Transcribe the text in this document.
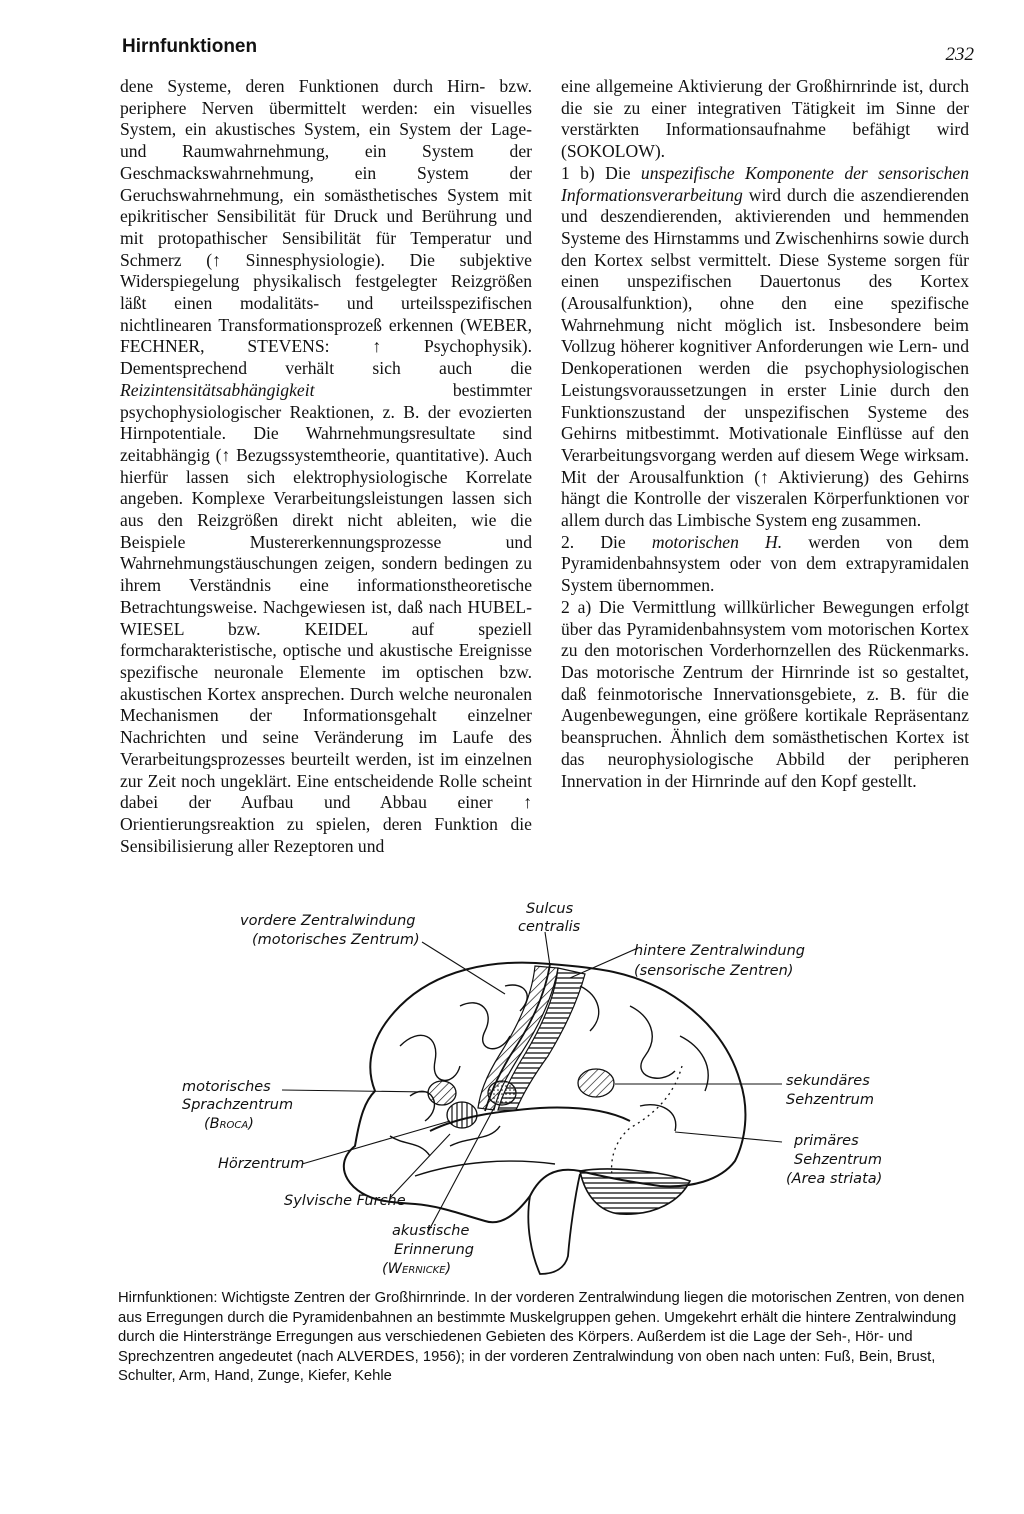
Hirnfunktionen	232

dene Systeme, deren Funktionen durch Hirn- bzw. periphere Nerven übermittelt werden: ein visuelles System, ein akustisches System, ein System der Lage- und Raumwahrnehmung, ein System der Geschmackswahrnehmung, ein System der Geruchswahrnehmung, ein somästhetisches System mit epikritischer Sensibilität für Druck und Berührung und mit protopathischer Sensibilität für Temperatur und Schmerz (↑ Sinnesphysiologie). Die subjektive Widerspiegelung physikalisch festgelegter Reizgrößen läßt einen modalitäts- und urteilsspezifischen nichtlinearen Transformationsprozeß erkennen (WEBER, FECHNER, STEVENS: ↑ Psychophysik). Dementsprechend verhält sich auch die Reizintensitätsabhängigkeit	bestimmter psychophysiologischer Reaktionen, z. B. der evozierten Hirnpotentiale. Die Wahrnehmungsresultate sind zeitabhängig (↑ Bezugssystemtheorie, quantitative). Auch hierfür lassen sich elektrophysiologische Korrelate angeben. Komplexe Verarbeitungsleistungen lassen sich aus den Reizgrößen direkt nicht ableiten, wie die Beispiele Mustererkennungsprozesse und Wahrnehmungstäuschungen zeigen, sondern bedingen zu ihrem Verständnis eine informationstheoretische Betrachtungsweise. Nachgewiesen ist, daß nach HUBEL-WIESEL bzw. KEIDEL auf speziell formcharakteristische, optische und akustische Ereignisse spezifische neuronale Elemente im optischen bzw. akustischen Kortex ansprechen. Durch welche neuronalen Mechanismen der Informationsgehalt einzelner Nachrichten und seine Veränderung im Laufe des Verarbeitungsprozesses beurteilt werden, ist im einzelnen zur Zeit noch ungeklärt. Eine entscheidende Rolle scheint dabei der Aufbau und Abbau einer ↑ Orientierungsreaktion zu spielen, deren Funktion die Sensibilisierung aller Rezeptoren und

eine allgemeine Aktivierung der Großhirnrinde ist, durch die sie zu einer integrativen Tätigkeit im Sinne der verstärkten Informationsaufnahme befähigt wird (SOKOLOW).

1 b) Die unspezifische Komponente der sensorischen Informationsverarbeitung wird durch die aszendierenden und deszendierenden, aktivierenden und hemmenden Systeme des Hirnstamms und Zwischenhirns sowie durch den Kortex selbst vermittelt. Diese Systeme sorgen für einen unspezifischen Dauertonus des Kortex (Arousalfunktion), ohne den eine spezifische Wahrnehmung nicht möglich ist. Insbesondere beim Vollzug höherer kognitiver Anforderungen wie Lern- und Denkoperationen werden die psychophysiologischen Leistungsvoraussetzungen in erster Linie durch den Funktionszustand der unspezifischen Systeme des Gehirns mitbestimmt. Motivationale Einflüsse auf den Verarbeitungsvorgang werden auf diesem Wege wirksam. Mit der Arousalfunktion (↑ Aktivierung) des Gehirns hängt die Kontrolle der viszeralen Körperfunktionen vor allem durch das Limbische System eng zusammen.

2. Die motorischen H. werden von dem Pyramidenbahnsystem oder von dem extrapyramidalen System übernommen.

2 a) Die Vermittlung willkürlicher Bewegungen erfolgt über das Pyramidenbahnsystem vom motorischen Kortex zu den motorischen Vorderhornzellen des Rückenmarks. Das motorische Zentrum der Hirnrinde ist so gestaltet, daß feinmotorische Innervationsgebiete, z. B. für die Augenbewegungen, eine größere kortikale Repräsentanz beanspruchen. Ähnlich dem somästhetischen Kortex ist das neurophysiologische Abbild der peripheren Innervation in der Hirnrinde auf den Kopf gestellt.

vordere Zentralwindung
(motorisches Zentrum)
Sulcus
centralis
hintere Zentralwindung
(sensorische Zentren)
motorisches
Sprachzentrum
(Broca)
Hörzentrum
Sylvische Furche
akustische
Erinnerung
(Wernicke)
sekundäres
Sehzentrum
primäres
Sehzentrum
(Area striata)
Hirnfunktionen: Wichtigste Zentren der Großhirnrinde. In der vorderen Zentralwindung liegen die motorischen Zentren, von denen aus Erregungen durch die Pyramidenbahnen an bestimmte Muskelgruppen gehen. Umgekehrt erhält die hintere Zentralwindung durch die Hinterstränge Erregungen aus verschiedenen Gebieten des Körpers. Außerdem ist die Lage der Seh-, Hör- und Sprechzentren angedeutet (nach ALVERDES, 1956); in der vorderen Zentralwindung von oben nach unten: Fuß, Bein, Brust, Schulter, Arm, Hand, Zunge, Kiefer, Kehle
